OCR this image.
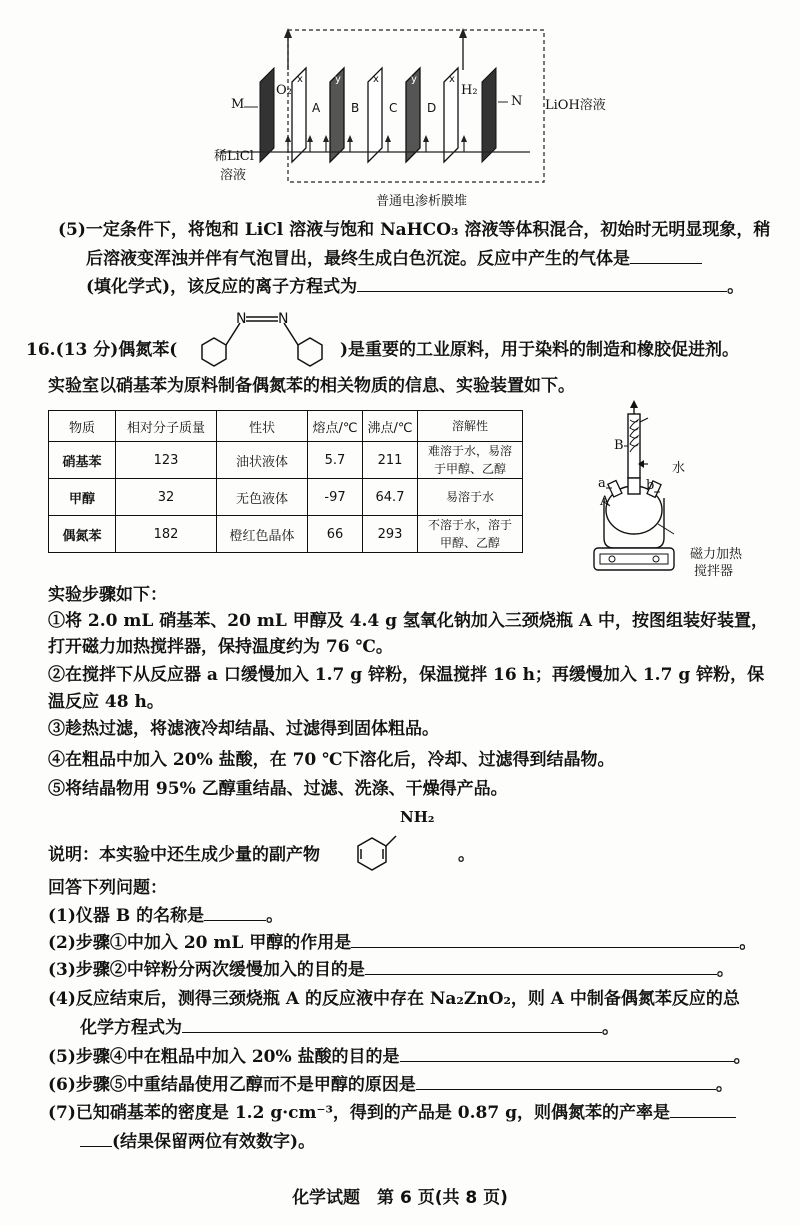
x	y	x	y	x
A	B C D
M	N
O₂	H₂
LiOH溶液
稀LiCl
溶液
普通电渗析膜堆
(5)一定条件下，将饱和 LiCl 溶液与饱和 NaHCO₃ 溶液等体积混合，初始时无明显现象，稍
后溶液变浑浊并伴有气泡冒出，最终生成白色沉淀。反应中产生的气体是
(填化学式)，该反应的离子方程式为	。
16.(13 分)偶氮苯(
N N
)是重要的工业原料，用于染料的制造和橡胶促进剂。
实验室以硝基苯为原料制备偶氮苯的相关物质的信息、实验装置如下。
物质	相对分子质量	性状	熔点/℃	沸点/℃	溶解性
硝基苯	123	油状液体	5.7	211	难溶于水，易溶
于甲醇、乙醇

甲醇	32	无色液体	-97	64.7	易溶于水
偶氮苯	182	橙红色晶体	66	293	不溶于水，溶于
甲醇、乙醇
B
a	b
A
水
磁力加热
搅拌器
实验步骤如下：
①将 2.0 mL 硝基苯、20 mL 甲醇及 4.4 g 氢氧化钠加入三颈烧瓶 A 中，按图组装好装置，
打开磁力加热搅拌器，保持温度约为 76 ℃。
②在搅拌下从反应器 a 口缓慢加入 1.7 g 锌粉，保温搅拌 16 h；再缓慢加入 1.7 g 锌粉，保
温反应 48 h。
③趁热过滤，将滤液冷却结晶、过滤得到固体粗品。
④在粗品中加入 20% 盐酸，在 70 ℃下溶化后，冷却、过滤得到结晶物。
⑤将结晶物用 95% 乙醇重结晶、过滤、洗涤、干燥得产品。
说明：本实验中还生成少量的副产物
NH₂
。
回答下列问题：
(1)仪器 B 的名称是	。
(2)步骤①中加入 20 mL 甲醇的作用是	。
(3)步骤②中锌粉分两次缓慢加入的目的是	。
(4)反应结束后，测得三颈烧瓶 A 的反应液中存在 Na₂ZnO₂，则 A 中制备偶氮苯反应的总
化学方程式为	。
(5)步骤④中在粗品中加入 20% 盐酸的目的是	。
(6)步骤⑤中重结晶使用乙醇而不是甲醇的原因是	。
(7)已知硝基苯的密度是 1.2 g·cm⁻³，得到的产品是 0.87 g，则偶氮苯的产率是
(结果保留两位有效数字)。
化学试题　第 6 页(共 8 页)
